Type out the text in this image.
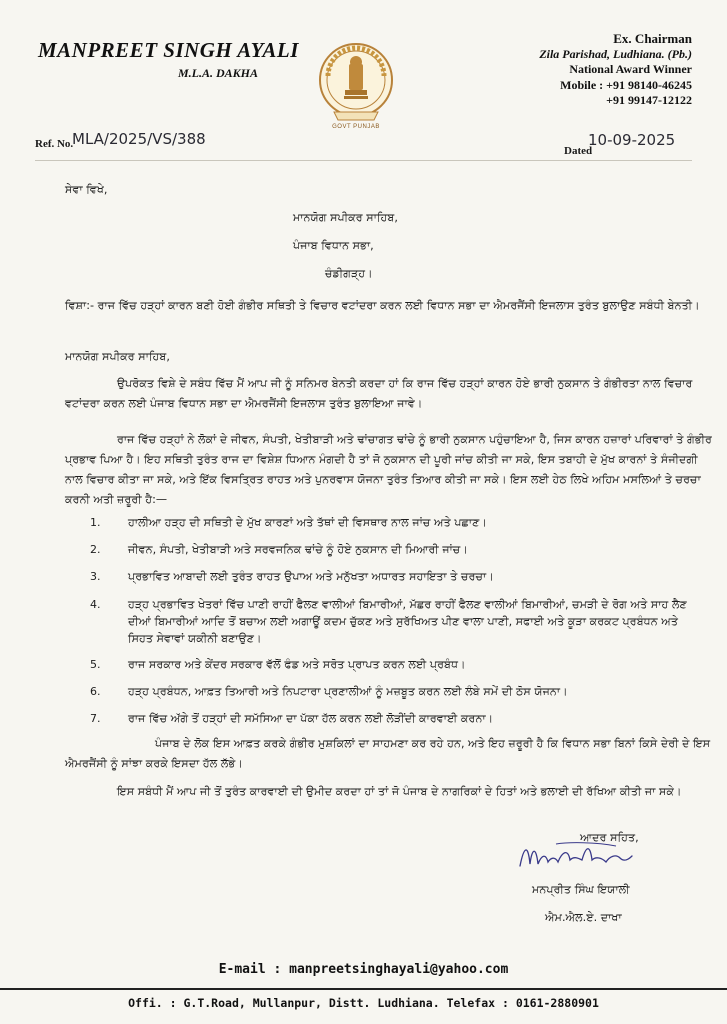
MANPREET SINGH AYALI
M.L.A. DAKHA
GOVT PUNJAB
Ex. Chairman
Zila Parishad, Ludhiana. (Pb.)
National Award Winner
Mobile : +91 98140-46245
+91 99147-12122
Ref. No.
MLA/2025/VS/388
Dated
10-09-2025
ਸੇਵਾ ਵਿਖੇ,
ਮਾਨਯੋਗ ਸਪੀਕਰ ਸਾਹਿਬ,
ਪੰਜਾਬ ਵਿਧਾਨ ਸਭਾ,
ਚੰਡੀਗੜ੍ਹ।
ਵਿਸ਼ਾ:- ਰਾਜ ਵਿੱਚ ਹੜ੍ਹਾਂ ਕਾਰਨ ਬਣੀ ਹੋਈ ਗੰਭੀਰ ਸਥਿਤੀ ਤੇ ਵਿਚਾਰ ਵਟਾਂਦਰਾ ਕਰਨ ਲਈ ਵਿਧਾਨ ਸਭਾ ਦਾ ਐਮਰਜੈਂਸੀ ਇਜਲਾਸ ਤੁਰੰਤ ਬੁਲਾਉਣ ਸਬੰਧੀ ਬੇਨਤੀ।
ਮਾਨਯੋਗ ਸਪੀਕਰ ਸਾਹਿਬ,
ਉਪਰੋਕਤ ਵਿਸ਼ੇ ਦੇ ਸਬੰਧ ਵਿੱਚ ਮੈਂ ਆਪ ਜੀ ਨੂੰ ਸਨਿਮਰ ਬੇਨਤੀ ਕਰਦਾ ਹਾਂ ਕਿ ਰਾਜ ਵਿੱਚ ਹੜ੍ਹਾਂ ਕਾਰਨ ਹੋਏ ਭਾਰੀ ਨੁਕਸਾਨ ਤੇ ਗੰਭੀਰਤਾ ਨਾਲ ਵਿਚਾਰ ਵਟਾਂਦਰਾ ਕਰਨ ਲਈ ਪੰਜਾਬ ਵਿਧਾਨ ਸਭਾ ਦਾ ਐਮਰਜੈਂਸੀ ਇਜਲਾਸ ਤੁਰੰਤ ਬੁਲਾਇਆ ਜਾਵੇ।
ਰਾਜ ਵਿੱਚ ਹੜ੍ਹਾਂ ਨੇ ਲੋਕਾਂ ਦੇ ਜੀਵਨ, ਸੰਪਤੀ, ਖੇਤੀਬਾੜੀ ਅਤੇ ਢਾਂਚਾਗਤ ਢਾਂਚੇ ਨੂੰ ਭਾਰੀ ਨੁਕਸਾਨ ਪਹੁੰਚਾਇਆ ਹੈ, ਜਿਸ ਕਾਰਨ ਹਜ਼ਾਰਾਂ ਪਰਿਵਾਰਾਂ ਤੇ ਗੰਭੀਰ ਪ੍ਰਭਾਵ ਪਿਆ ਹੈ। ਇਹ ਸਥਿਤੀ ਤੁਰੰਤ ਰਾਜ ਦਾ ਵਿਸ਼ੇਸ਼ ਧਿਆਨ ਮੰਗਦੀ ਹੈ ਤਾਂ ਜੋ ਨੁਕਸਾਨ ਦੀ ਪੂਰੀ ਜਾਂਚ ਕੀਤੀ ਜਾ ਸਕੇ, ਇਸ ਤਬਾਹੀ ਦੇ ਮੁੱਖ ਕਾਰਨਾਂ ਤੇ ਸੰਜੀਦਗੀ ਨਾਲ ਵਿਚਾਰ ਕੀਤਾ ਜਾ ਸਕੇ, ਅਤੇ ਇੱਕ ਵਿਸਤ੍ਰਿਤ ਰਾਹਤ ਅਤੇ ਪੁਨਰਵਾਸ ਯੋਜਨਾ ਤੁਰੰਤ ਤਿਆਰ ਕੀਤੀ ਜਾ ਸਕੇ। ਇਸ ਲਈ ਹੇਠ ਲਿਖੇ ਅਹਿਮ ਮਸਲਿਆਂ ਤੇ ਚਰਚਾ ਕਰਨੀ ਅਤੀ ਜ਼ਰੂਰੀ ਹੈ:—
1. ਹਾਲੀਆ ਹੜ੍ਹ ਦੀ ਸਥਿਤੀ ਦੇ ਮੁੱਖ ਕਾਰਣਾਂ ਅਤੇ ਤੱਥਾਂ ਦੀ ਵਿਸਥਾਰ ਨਾਲ ਜਾਂਚ ਅਤੇ ਪਛਾਣ।
2. ਜੀਵਨ, ਸੰਪਤੀ, ਖੇਤੀਬਾੜੀ ਅਤੇ ਸਰਵਜਨਿਕ ਢਾਂਚੇ ਨੂੰ ਹੋਏ ਨੁਕਸਾਨ ਦੀ ਮਿਆਰੀ ਜਾਂਚ।
3. ਪ੍ਰਭਾਵਿਤ ਆਬਾਦੀ ਲਈ ਤੁਰੰਤ ਰਾਹਤ ਉਪਾਅ ਅਤੇ ਮਨੁੱਖਤਾ ਅਧਾਰਤ ਸਹਾਇਤਾ ਤੇ ਚਰਚਾ।
4. ਹੜ੍ਹ ਪ੍ਰਭਾਵਿਤ ਖੇਤਰਾਂ ਵਿੱਚ ਪਾਣੀ ਰਾਹੀਂ ਫੈਲਣ ਵਾਲੀਆਂ ਬਿਮਾਰੀਆਂ, ਮੱਛਰ ਰਾਹੀਂ ਫੈਲਣ ਵਾਲੀਆਂ ਬਿਮਾਰੀਆਂ, ਚਮੜੀ ਦੇ ਰੋਗ ਅਤੇ ਸਾਹ ਲੈਣ ਦੀਆਂ ਬਿਮਾਰੀਆਂ ਆਦਿ ਤੋਂ ਬਚਾਅ ਲਈ ਅਗਾਊਂ ਕਦਮ ਚੁੱਕਣ ਅਤੇ ਸੁਰੱਖਿਅਤ ਪੀਣ ਵਾਲਾ ਪਾਣੀ, ਸਫਾਈ ਅਤੇ ਕੂੜਾ ਕਰਕਟ ਪ੍ਰਬੰਧਨ ਅਤੇ ਸਿਹਤ ਸੇਵਾਵਾਂ ਯਕੀਨੀ ਬਣਾਉਣ।
5. ਰਾਜ ਸਰਕਾਰ ਅਤੇ ਕੇਂਦਰ ਸਰਕਾਰ ਵੱਲੋਂ ਫੰਡ ਅਤੇ ਸਰੋਤ ਪ੍ਰਾਪਤ ਕਰਨ ਲਈ ਪ੍ਰਬੰਧ।
6. ਹੜ੍ਹ ਪ੍ਰਬੰਧਨ, ਆਫ਼ਤ ਤਿਆਰੀ ਅਤੇ ਨਿਪਟਾਰਾ ਪ੍ਰਣਾਲੀਆਂ ਨੂੰ ਮਜ਼ਬੂਤ ਕਰਨ ਲਈ ਲੰਬੇ ਸਮੇਂ ਦੀ ਠੋਸ ਯੋਜਨਾ।
7. ਰਾਜ ਵਿੱਚ ਅੱਗੇ ਤੋਂ ਹੜ੍ਹਾਂ ਦੀ ਸਮੱਸਿਆ ਦਾ ਪੱਕਾ ਹੱਲ ਕਰਨ ਲਈ ਲੋੜੀਂਦੀ ਕਾਰਵਾਈ ਕਰਨਾ।
ਪੰਜਾਬ ਦੇ ਲੋਕ ਇਸ ਆਫ਼ਤ ਕਰਕੇ ਗੰਭੀਰ ਮੁਸ਼ਕਿਲਾਂ ਦਾ ਸਾਹਮਣਾ ਕਰ ਰਹੇ ਹਨ, ਅਤੇ ਇਹ ਜ਼ਰੂਰੀ ਹੈ ਕਿ ਵਿਧਾਨ ਸਭਾ ਬਿਨਾਂ ਕਿਸੇ ਦੇਰੀ ਦੇ ਇਸ ਐਮਰਜੈਂਸੀ ਨੂੰ ਸਾਂਝਾ ਕਰਕੇ ਇਸਦਾ ਹੱਲ ਲੱਭੇ।
ਇਸ ਸਬੰਧੀ ਮੈਂ ਆਪ ਜੀ ਤੋਂ ਤੁਰੰਤ ਕਾਰਵਾਈ ਦੀ ਉਮੀਦ ਕਰਦਾ ਹਾਂ ਤਾਂ ਜੋ ਪੰਜਾਬ ਦੇ ਨਾਗਰਿਕਾਂ ਦੇ ਹਿਤਾਂ ਅਤੇ ਭਲਾਈ ਦੀ ਰੱਖਿਆ ਕੀਤੀ ਜਾ ਸਕੇ।
ਆਦਰ ਸਹਿਤ,
ਮਨਪ੍ਰੀਤ ਸਿੰਘ ਇਯਾਲੀ
ਐਮ.ਐਲ.ਏ. ਦਾਖਾ
E-mail : manpreetsinghayali@yahoo.com
Offi. : G.T.Road, Mullanpur, Distt. Ludhiana. Telefax : 0161-2880901
